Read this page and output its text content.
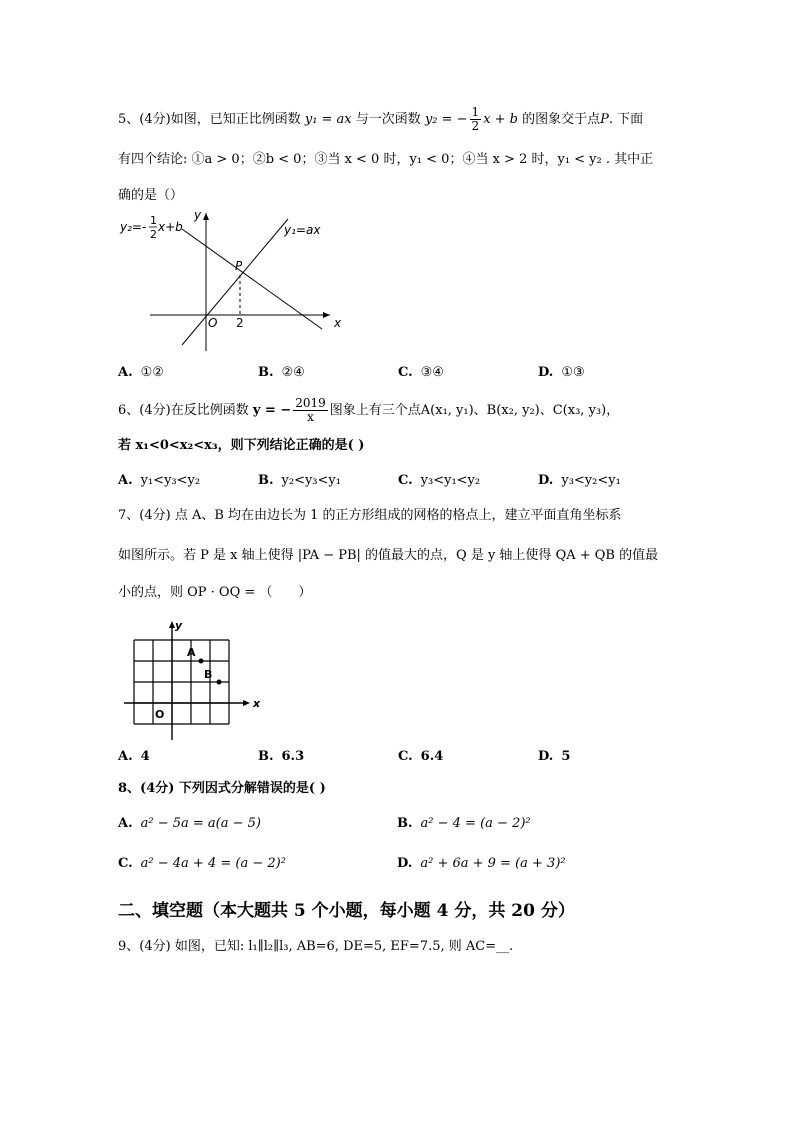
5、(4分)如图，已知正比例函数 y₁ = ax 与一次函数 y₂ = − $\frac{1}{2}$ x + b 的图象交于点P. 下面
有四个结论: ①a > 0；②b < 0；③当 x < 0 时，y₁ < 0；④当 x > 2 时，y₁ < y₂ . 其中正
确的是（）
y₂=- 1
2
x+b	y₁=ax
y
x
O 2
P
A. ①②	B. ②④	C. ③④	D. ①③
6、(4分)在反比例函数 y = − $\frac{2019}{x}$ 图象上有三个点A(x₁, y₁)、B(x₂, y₂)、C(x₃, y₃)，
若 x₁<0<x₂<x₃，则下列结论正确的是( )
A. y₁<y₃<y₂	B. y₂<y₃<y₁	C. y₃<y₁<y₂	D. y₃<y₂<y₁
7、(4分) 点 A、B 均在由边长为 1 的正方形组成的网格的格点上，建立平面直角坐标系
如图所示。若 P 是 x 轴上使得 |PA − PB| 的值最大的点，Q 是 y 轴上使得 QA + QB 的值最
小的点，则 OP · OQ = （　　）
y
x
O
A
B
A. 4	B. 6.3	C. 6.4	D. 5
8、(4分) 下列因式分解错误的是( )
A. a² − 5a = a(a − 5)	B. a² − 4 = (a − 2)²
C. a² − 4a + 4 = (a − 2)²	D. a² + 6a + 9 = (a + 3)²
二、填空题（本大题共 5 个小题，每小题 4 分，共 20 分）
9、(4分) 如图，已知: l₁∥l₂∥l₃, AB=6, DE=5, EF=7.5, 则 AC=__.
